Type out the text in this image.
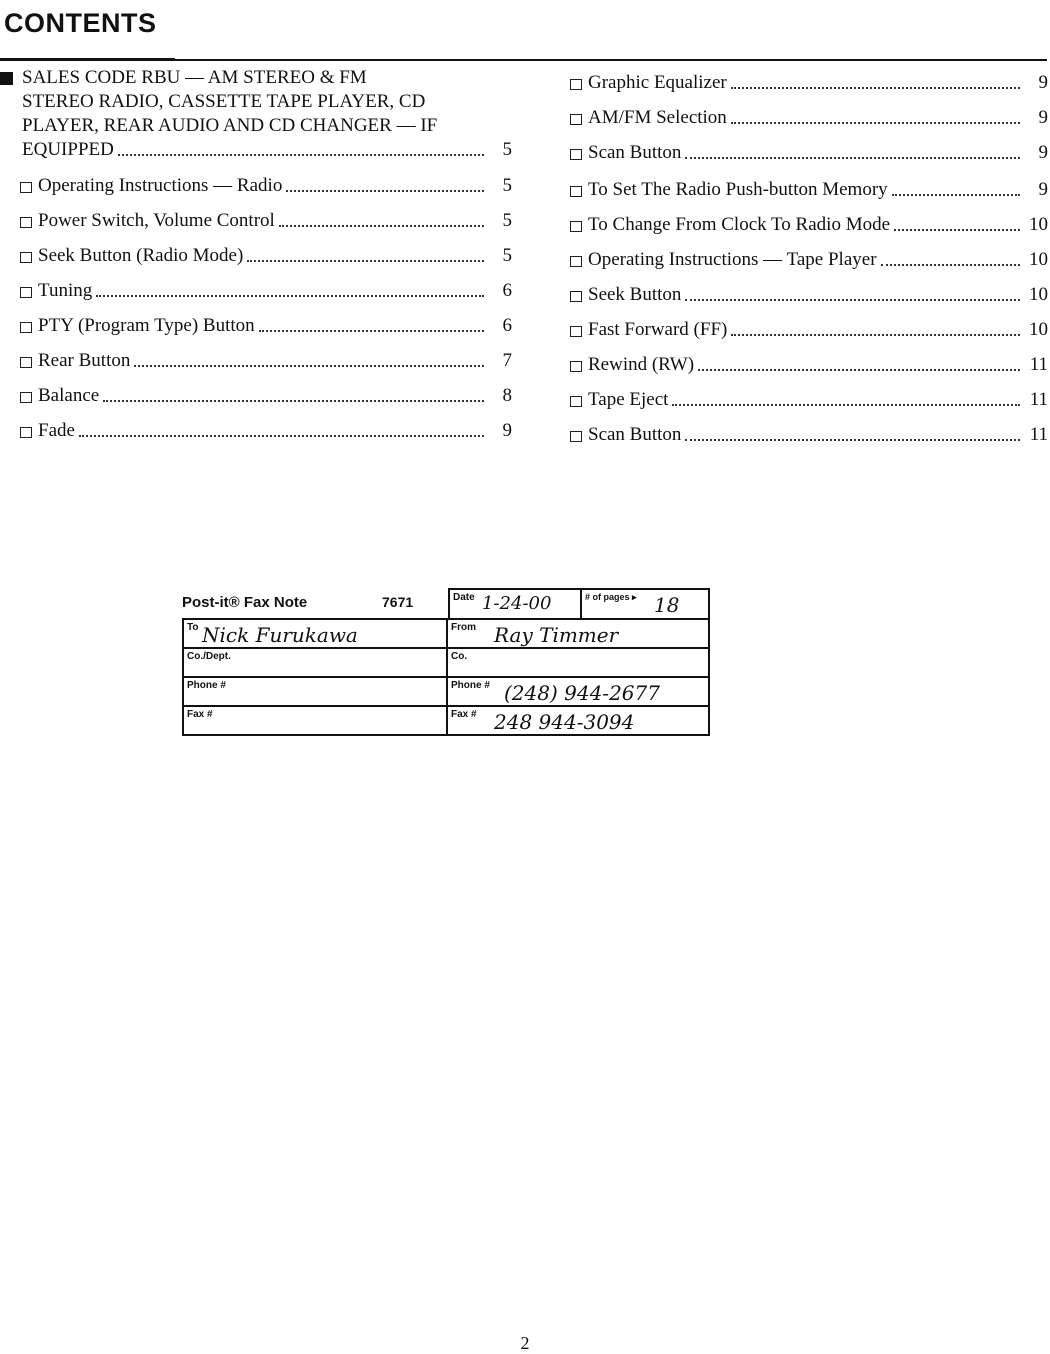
CONTENTS
SALES CODE RBU — AM STEREO & FM
STEREO RADIO, CASSETTE TAPE PLAYER, CD
PLAYER, REAR AUDIO AND CD CHANGER — IF
EQUIPPED	5
Operating Instructions — Radio	5
Power Switch, Volume Control	5
Seek Button (Radio Mode)	5
Tuning	6
PTY (Program Type) Button	6
Rear Button	7
Balance	8
Fade	9
Graphic Equalizer	9
AM/FM Selection	9
Scan Button	9
To Set The Radio Push-button Memory	9
To Change From Clock To Radio Mode	10
Operating Instructions — Tape Player	10
Seek Button	10
Fast Forward (FF)	10
Rewind (RW)	11
Tape Eject	11
Scan Button	11
Post-it® Fax Note	7671	Date 1-24-00	# of pages ▸ 18
To Nick Furukawa	From Ray Timmer

Co./Dept.	Co.

Phone #	Phone # (248) 944-2677

Fax #	Fax # 248 944-3094
2
